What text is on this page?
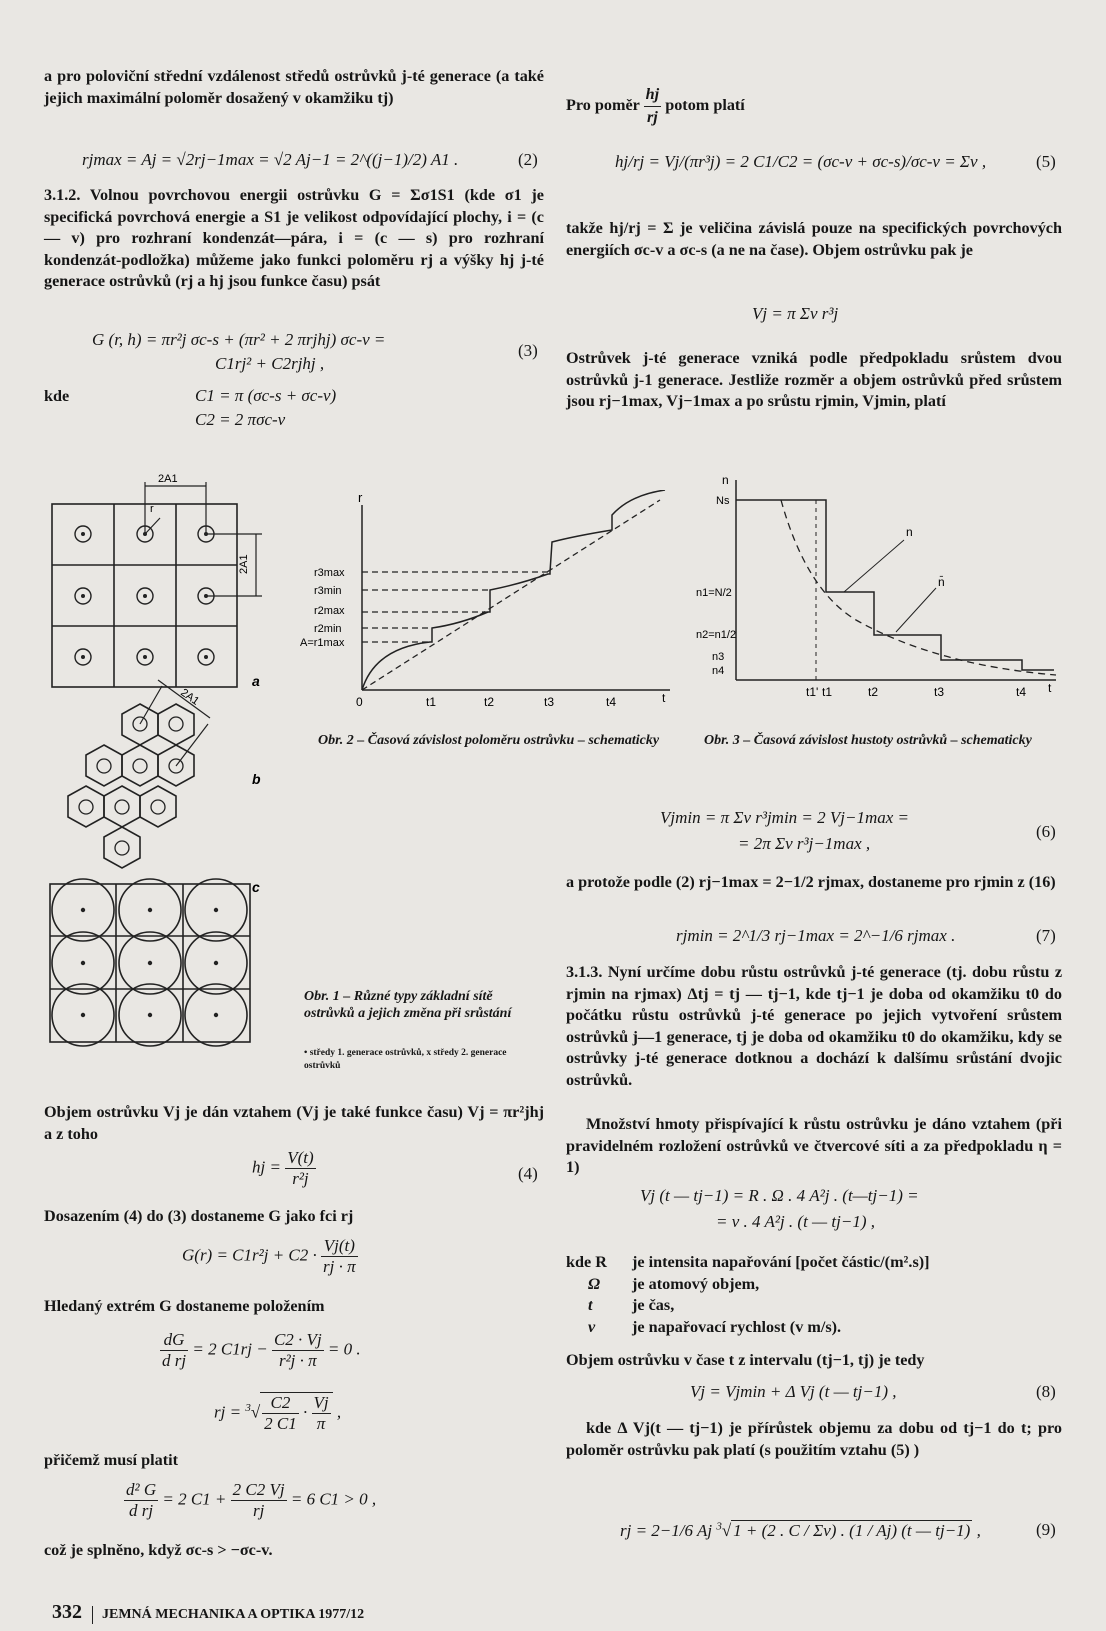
a pro poloviční střední vzdálenost středů ostrůvků j-té generace (a také jejich maximální poloměr dosažený v okamžiku tj)
rjmax = Aj = √2rj−1max = √2 Aj−1 = 2^((j−1)/2) A1 .	(2)
3.1.2. Volnou povrchovou energii ostrůvku G = Σσ1S1 (kde σ1 je specifická povrchová energie a S1 je velikost odpovídající plochy, i = (c — v) pro rozhraní kondenzát—pára, i = (c — s) pro rozhraní kondenzát-podložka) můžeme jako funkci poloměru rj a výšky hj j-té generace ostrůvků (rj a hj jsou funkce času) psát
G (r, h) = πr²j σc-s + (πr² + 2 πrjhj) σc-v =
C1rj² + C2rjhj ,
(3)
kde	C1 = π (σc-s + σc-v)
C2 = 2 πσc-v
2A1
2A1
r
a
2A1
b
c
Obr. 1 – Různé typy základní sítě ostrůvků a jejich změna při srůstání
• středy 1. generace ostrůvků, x středy 2. generace ostrůvků
Objem ostrůvku Vj je dán vztahem (Vj je také funkce času) Vj = πr²jhj a z toho
hj = $\frac{V(t)}{\text{r²j}}$	(4)
Dosazením (4) do (3) dostaneme G jako fci rj
$G(r) = C1r^2j + C2 \cdot \frac{Vj(t)}{rj \cdot \pi}$
Hledaný extrém G dostaneme položením
$\frac{dG}{\text{d rj}} = 2$ $C1rj - \frac{C2 \cdot Vj}{\text{r²j · π}} = 0$ .
rj = $^3√ \frac{C2}{2 C1} \cdot \frac{Vj}{\pi}$ ,
přičemž musí platit
$\frac{\text{d² G}}{\text{d rj}} = 2$ $C1 + \frac{2 C2 Vj}{rj} = 6$ C1 > 0 ,
což je splněno, když σc-s > −σc-v.
Pro poměr $\frac{hj}{rj}$ potom platí
hj/rj = Vj/(πr³j) = 2 C1/C2 = (σc-v + σc-s)/σc-v = Σv ,	(5)
takže hj/rj = Σ je veličina závislá pouze na specifických povrchových energiích σc-v a σc-s (a ne na čase). Objem ostrůvku pak je
Vj = π Σv r³j
Ostrůvek j-té generace vzniká podle předpokladu srůstem dvou ostrůvků j-1 generace. Jestliže rozměr a objem ostrůvků před srůstem jsou rj−1max, Vj−1max a po srůstu rjmin, Vjmin, platí
r
r3max
r3min
r2max
r2min
A=r1max
0	t1	t2	t3	t4	t
Obr. 2 – Časová závislost poloměru ostrůvku – schematicky
n
Ns
n1=N/2
n2=n1/2
n3
n4
t1' t1	t2	t3	t4 t
n
n̄
Obr. 3 – Časová závislost hustoty ostrůvků – schematicky
Vjmin = π Σv r³jmin = 2 Vj−1max =
= 2π Σv r³j−1max ,
(6)
a protože podle (2) rj−1max = 2−1/2 rjmax, dostaneme pro rjmin z (16)
rjmin = 2^1/3 rj−1max = 2^−1/6 rjmax .	(7)
3.1.3. Nyní určíme dobu růstu ostrůvků j-té generace (tj. dobu růstu z rjmin na rjmax) Δtj = tj — tj−1, kde tj−1 je doba od okamžiku t0 do počátku růstu ostrůvků j-té generace po jejich vytvoření srůstem ostrůvků j—1 generace, tj je doba od okamžiku t0 do okamžiku, kdy se ostrůvky j-té generace dotknou a dochází k dalšímu srůstání dvojic ostrůvků.
Množství hmoty přispívající k růstu ostrůvku je dáno vztahem (při pravidelném rozložení ostrůvků ve čtvercové síti a za předpokladu η = 1)
Vj (t — tj−1) = R . Ω . 4 A²j . (t—tj−1) =
= v . 4 A²j . (t — tj−1) ,
kde R je intensita napařování [počet částic/(m².s)]
Ω je atomový objem,
t je čas,
v je napařovací rychlost (v m/s).
Objem ostrůvku v čase t z intervalu (tj−1, tj) je tedy
Vj = Vjmin + Δ Vj (t — tj−1) ,	(8)
kde Δ Vj(t — tj−1) je přírůstek objemu za dobu od tj−1 do t; pro poloměr ostrůvku pak platí (s použitím vztahu (5) )
rj = 2−1/6 Aj $^3$√ 1 + (2 . C / Σv) . (1 / Aj) (t — tj−1) ,	(9)
332 JEMNÁ MECHANIKA A OPTIKA 1977/12
